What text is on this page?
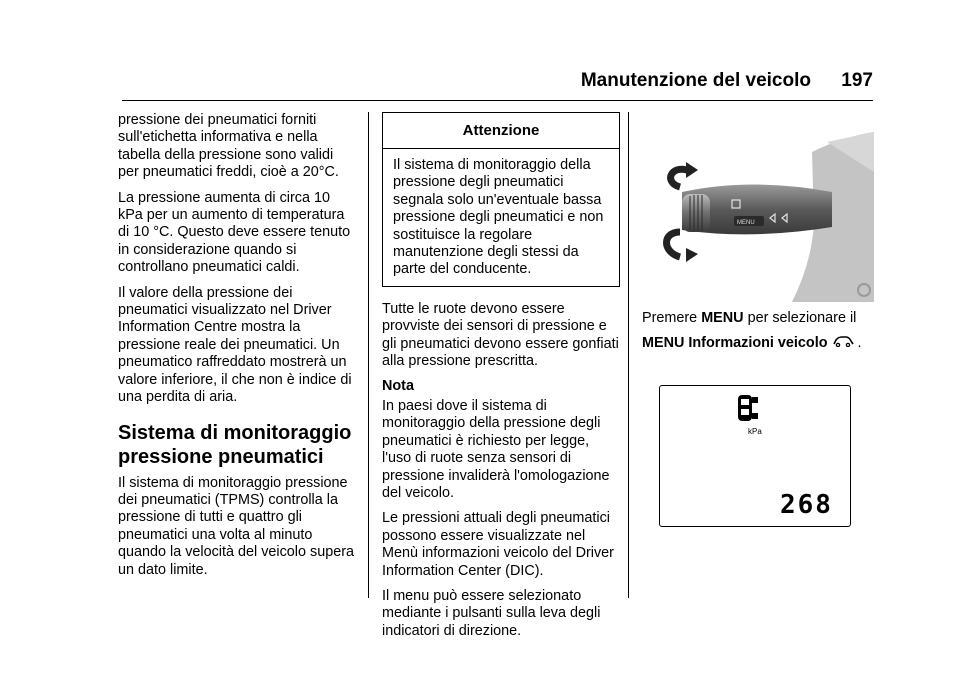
Manutenzione del veicolo 197

pressione dei pneumatici forniti sull'etichetta informativa e nella tabella della pressione sono validi per pneumatici freddi, cioè a 20°C.

La pressione aumenta di circa 10 kPa per un aumento di temperatura di 10 °C. Questo deve essere tenuto in considerazione quando si controllano pneumatici caldi.

Il valore della pressione dei pneumatici visualizzato nel Driver Information Centre mostra la pressione reale dei pneumatici. Un pneumatico raffreddato mostrerà un valore inferiore, il che non è indice di una perdita di aria.

Sistema di monitoraggio pressione pneumatici

Il sistema di monitoraggio pressione dei pneumatici (TPMS) controlla la pressione di tutti e quattro gli pneumatici una volta al minuto quando la velocità del veicolo supera un dato limite.

Attenzione

Il sistema di monitoraggio della pressione degli pneumatici segnala solo un'eventuale bassa pressione degli pneumatici e non sostituisce la regolare manutenzione degli stessi da parte del conducente.

Tutte le ruote devono essere provviste dei sensori di pressione e gli pneumatici devono essere gonfiati alla pressione prescritta.

Nota

In paesi dove il sistema di monitoraggio della pressione degli pneumatici è richiesto per legge, l'uso di ruote senza sensori di pressione invaliderà l'omologazione del veicolo.

Le pressioni attuali degli pneumatici possono essere visualizzate nel Menù informazioni veicolo del Driver Information Center (DIC).

Il menu può essere selezionato mediante i pulsanti sulla leva degli indicatori di direzione.

MENU

Premere MENU per selezionare il

MENU Informazioni veicolo .

kPa
268
